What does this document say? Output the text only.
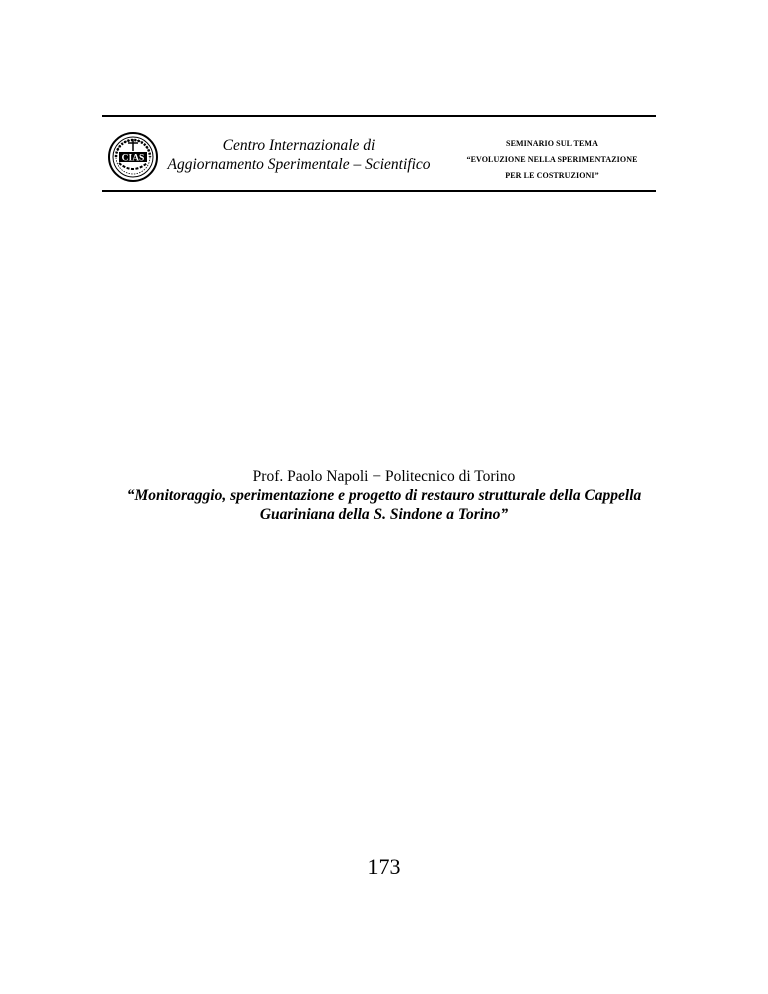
CIAS
Centro Internazionale di
Aggiornamento Sperimentale – Scientifico
SEMINARIO SUL TEMA
“EVOLUZIONE NELLA SPERIMENTAZIONE
PER LE COSTRUZIONI”
Prof. Paolo Napoli − Politecnico di Torino
“Monitoraggio, sperimentazione e progetto di restauro strutturale della Cappella
Guariniana della S. Sindone a Torino”
173
